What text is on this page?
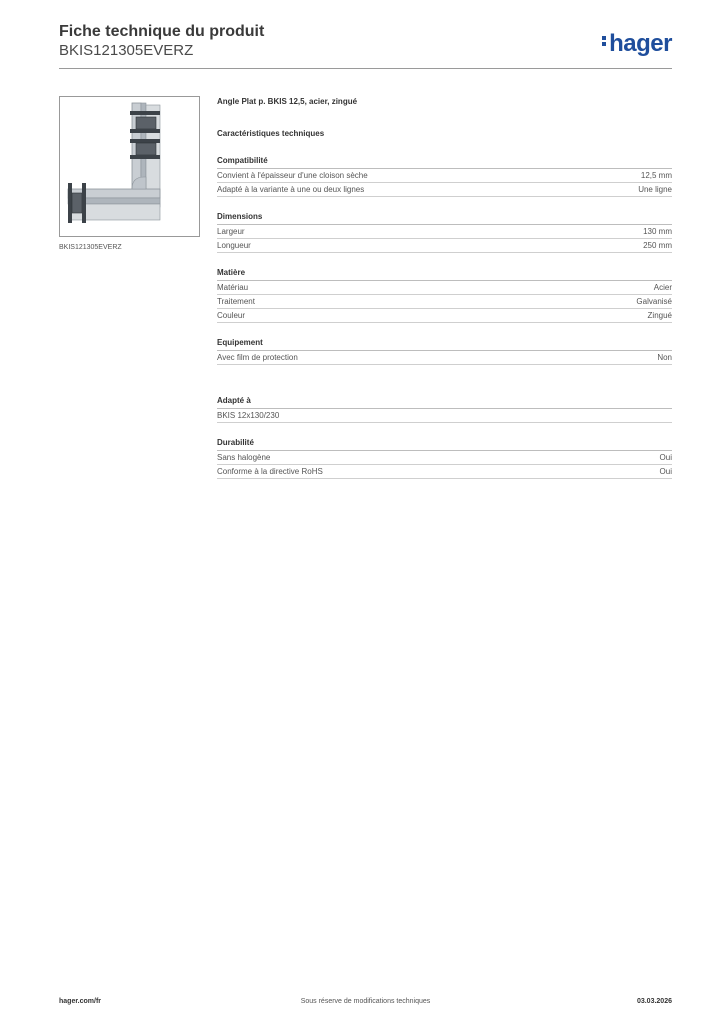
Fiche technique du produit
BKIS121305EVERZ	hager
BKIS121305EVERZ
Angle Plat p. BKIS 12,5, acier, zingué
Caractéristiques techniques
Compatibilité
Convient à l'épaisseur d'une cloison sèche	12,5 mm
Adapté à la variante à une ou deux lignes	Une ligne
Dimensions
Largeur	130 mm
Longueur	250 mm
Matière
Matériau	Acier
Traitement	Galvanisé
Couleur	Zingué
Equipement
Avec film de protection	Non
Adapté à
BKIS 12x130/230
Durabilité
Sans halogène	Oui
Conforme à la directive RoHS	Oui
hager.com/fr	Sous réserve de modifications techniques	03.03.2026
